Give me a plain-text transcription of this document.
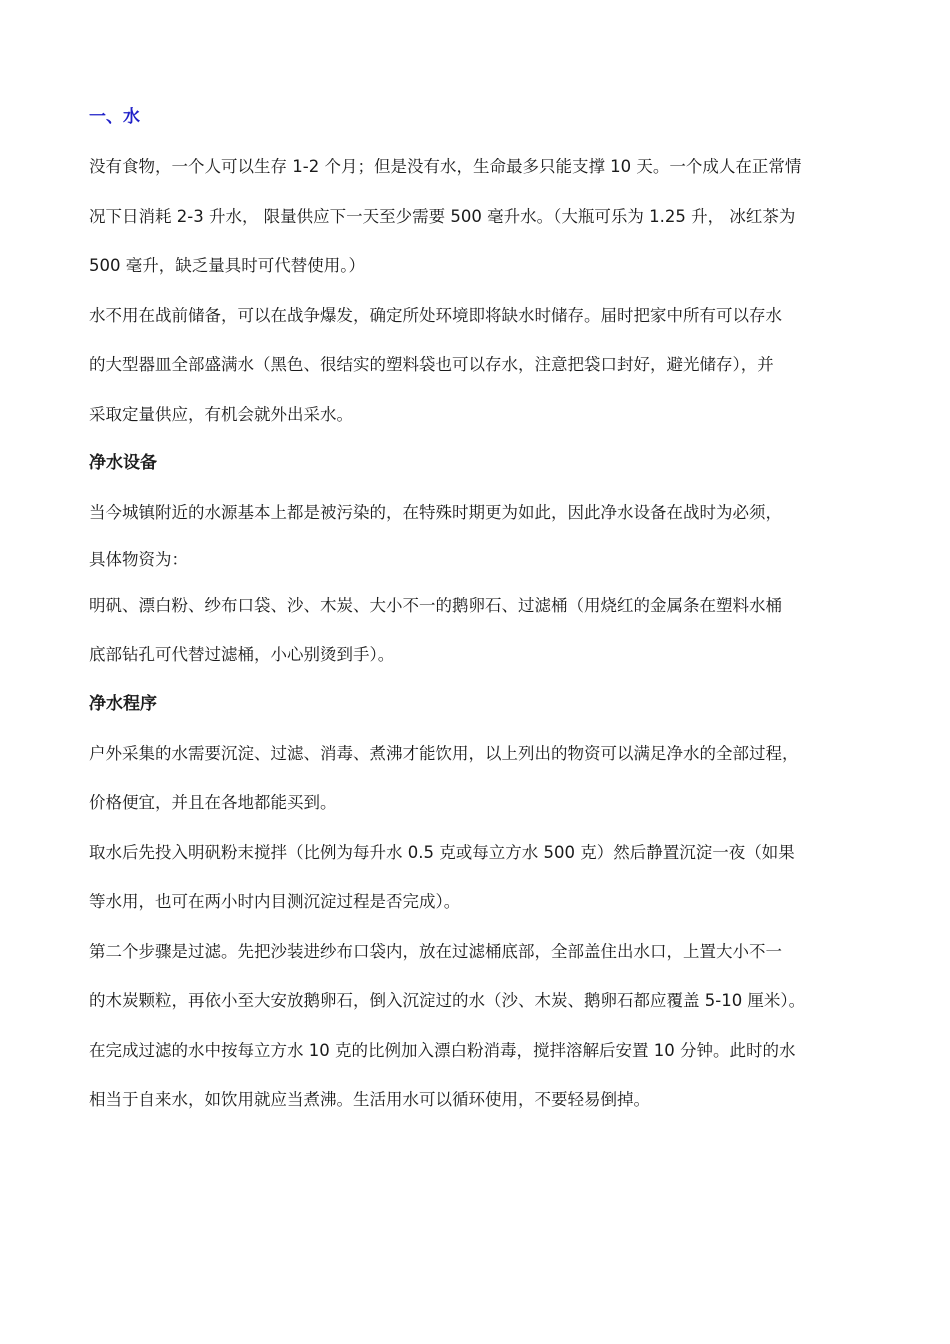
一、水

没有食物，一个人可以生存 1-2 个月；但是没有水，生命最多只能支撑 10 天。一个成人在正常情
况下日消耗 2-3 升水， 限量供应下一天至少需要 500 毫升水。（大瓶可乐为 1.25 升， 冰红茶为
500 毫升，缺乏量具时可代替使用。）

水不用在战前储备，可以在战争爆发，确定所处环境即将缺水时储存。届时把家中所有可以存水
的大型器皿全部盛满水（黑色、很结实的塑料袋也可以存水，注意把袋口封好，避光储存），并
采取定量供应，有机会就外出采水。

净水设备

当今城镇附近的水源基本上都是被污染的，在特殊时期更为如此，因此净水设备在战时为必须，
具体物资为：

明矾、漂白粉、纱布口袋、沙、木炭、大小不一的鹅卵石、过滤桶（用烧红的金属条在塑料水桶
底部钻孔可代替过滤桶，小心别烫到手）。

净水程序

户外采集的水需要沉淀、过滤、消毒、煮沸才能饮用，以上列出的物资可以满足净水的全部过程，
价格便宜，并且在各地都能买到。

取水后先投入明矾粉末搅拌（比例为每升水 0.5 克或每立方水 500 克）然后静置沉淀一夜（如果
等水用，也可在两小时内目测沉淀过程是否完成）。

第二个步骤是过滤。先把沙装进纱布口袋内，放在过滤桶底部，全部盖住出水口，上置大小不一
的木炭颗粒，再依小至大安放鹅卵石，倒入沉淀过的水（沙、木炭、鹅卵石都应覆盖 5-10 厘米）。
在完成过滤的水中按每立方水 10 克的比例加入漂白粉消毒，搅拌溶解后安置 10 分钟。此时的水
相当于自来水，如饮用就应当煮沸。生活用水可以循环使用，不要轻易倒掉。
